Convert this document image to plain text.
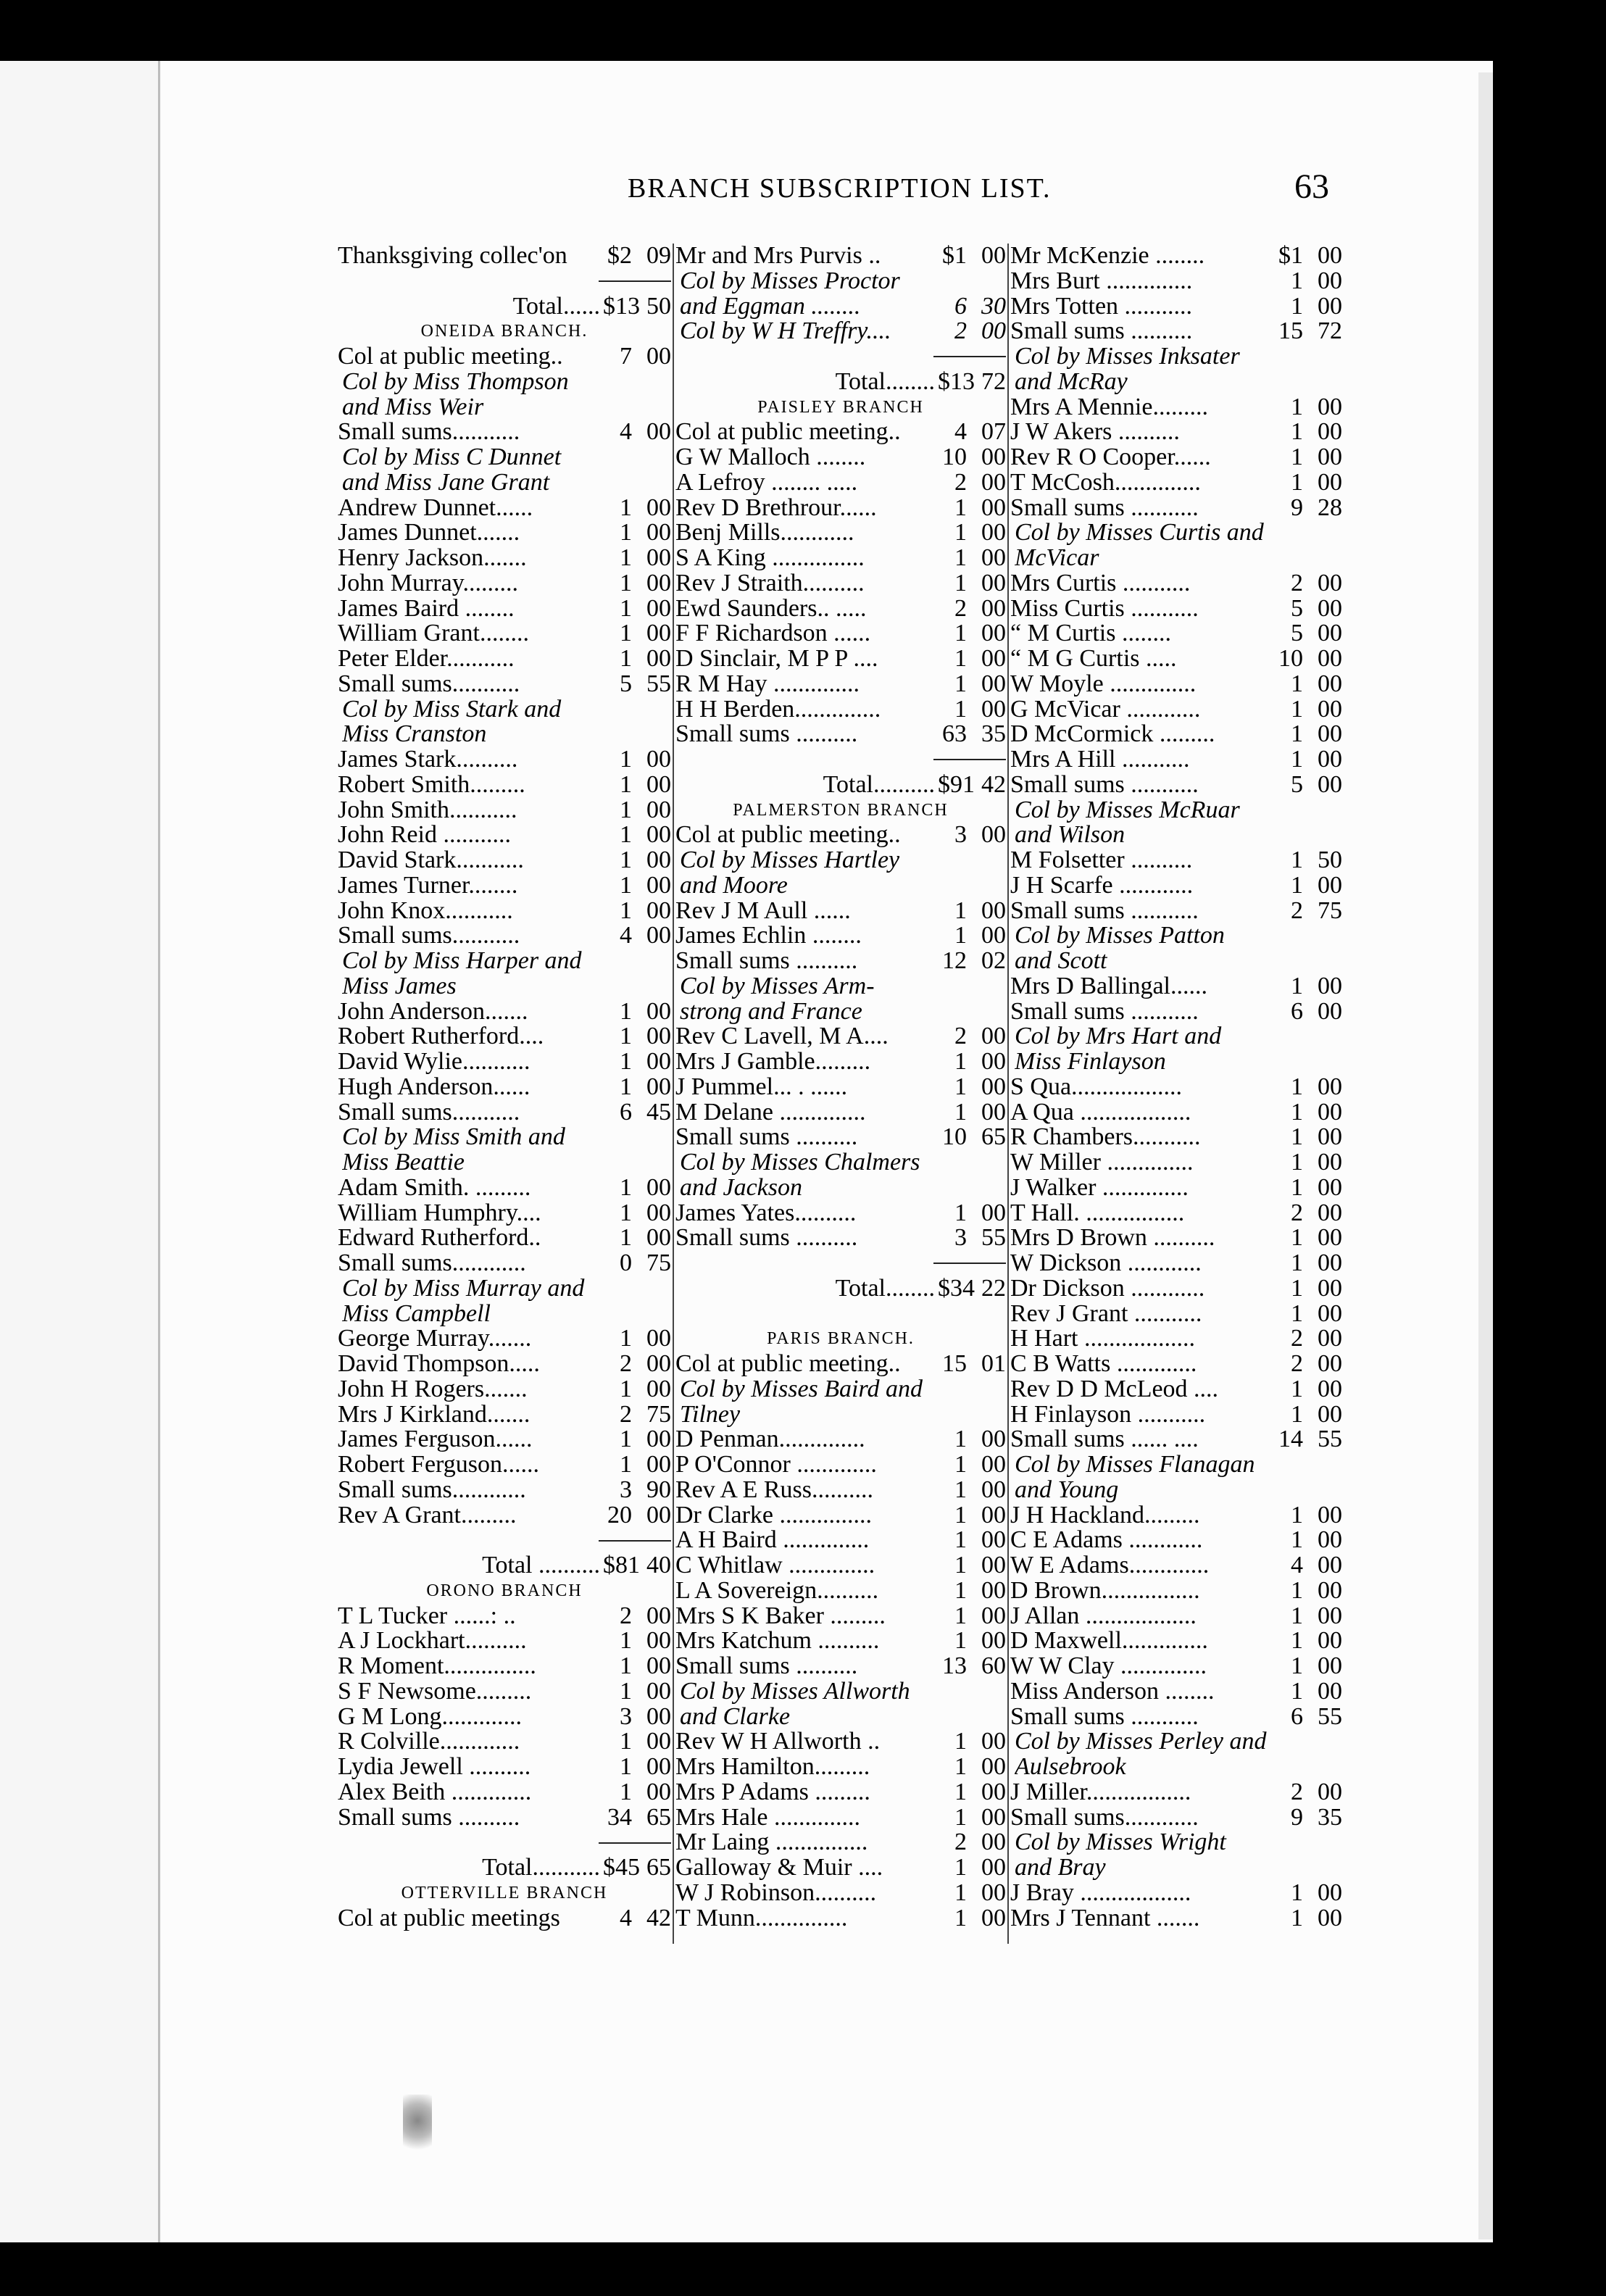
BRANCH SUBSCRIPTION LIST.	63
Thanksgiving collec'on	$2 09
Total...... $13 50
ONEIDA BRANCH.
Col at public meeting..	7 00
Col by Miss Thompson
and Miss Weir
Small sums...........	4 00
Col by Miss C Dunnet
and Miss Jane Grant
Andrew Dunnet......	1 00
James Dunnet.......	1 00
Henry Jackson.......	1 00
John Murray.........	1 00
James Baird ........	1 00
William Grant........	1 00
Peter Elder...........	1 00
Small sums...........	5 55
Col by Miss Stark and
Miss Cranston
James Stark..........	1 00
Robert Smith.........	1 00
John Smith...........	1 00
John Reid ...........	1 00
David Stark...........	1 00
James Turner........	1 00
John Knox...........	1 00
Small sums...........	4 00
Col by Miss Harper and
Miss James
John Anderson.......	1 00
Robert Rutherford....	1 00
David Wylie...........	1 00
Hugh Anderson......	1 00
Small sums...........	6 45
Col by Miss Smith and
Miss Beattie
Adam Smith. .........	1 00
William Humphry....	1 00
Edward Rutherford..	1 00
Small sums............	0 75
Col by Miss Murray and
Miss Campbell
George Murray.......	1 00
David Thompson.....	2 00
John H Rogers.......	1 00
Mrs J Kirkland.......	2 75
James Ferguson......	1 00
Robert Ferguson......	1 00
Small sums............	3 90
Rev A Grant.........	20 00
Total .......... $81 40
ORONO BRANCH
T L Tucker ......: ..	2 00
A J Lockhart..........	1 00
R Moment...............	1 00
S F Newsome.........	1 00
G M Long.............	3 00
R Colville.............	1 00
Lydia Jewell ..........	1 00
Alex Beith .............	1 00
Small sums ..........	34 65
Total........... $45 65
OTTERVILLE BRANCH
Col at public meetings	4 42
Mr and Mrs Purvis ..	$1 00
Col by Misses Proctor
and Eggman ........	6 30
Col by W H Treffry....	2 00
Total........ $13 72
PAISLEY BRANCH
Col at public meeting..	4 07
G W Malloch ........	10 00
A Lefroy ........ .....	2 00
Rev D Brethrour......	1 00
Benj Mills............	1 00
S A King ...............	1 00
Rev J Straith..........	1 00
Ewd Saunders.. .....	2 00
F F Richardson ......	1 00
D Sinclair, M P P ....	1 00
R M Hay ..............	1 00
H H Berden..............	1 00
Small sums ..........	63 35
Total.......... $91 42
PALMERSTON BRANCH
Col at public meeting..	3 00
Col by Misses Hartley
and Moore
Rev J M Aull ......	1 00
James Echlin ........	1 00
Small sums ..........	12 02
Col by Misses Arm-
strong and France
Rev C Lavell, M A....	2 00
Mrs J Gamble.........	1 00
J Pummel... . ......	1 00
M Delane ..............	1 00
Small sums ..........	10 65
Col by Misses Chalmers
and Jackson
James Yates..........	1 00
Small sums ..........	3 55
Total........ $34 22
PARIS BRANCH.
Col at public meeting..	15 01
Col by Misses Baird and
Tilney
D Penman..............	1 00
P O'Connor .............	1 00
Rev A E Russ..........	1 00
Dr Clarke ...............	1 00
A H Baird ..............	1 00
C Whitlaw ..............	1 00
L A Sovereign..........	1 00
Mrs S K Baker .........	1 00
Mrs Katchum ..........	1 00
Small sums ..........	13 60
Col by Misses Allworth
and Clarke
Rev W H Allworth ..	1 00
Mrs Hamilton.........	1 00
Mrs P Adams .........	1 00
Mrs Hale ..............	1 00
Mr Laing ...............	2 00
Galloway & Muir ....	1 00
W J Robinson..........	1 00
T Munn...............	1 00
Mr McKenzie ........	$1 00
Mrs Burt ..............	1 00
Mrs Totten ...........	1 00
Small sums ..........	15 72
Col by Misses Inksater
and McRay
Mrs A Mennie.........	1 00
J W Akers ..........	1 00
Rev R O Cooper......	1 00
T McCosh..............	1 00
Small sums ...........	9 28
Col by Misses Curtis and
McVicar
Mrs Curtis ...........	2 00
Miss Curtis ...........	5 00
“ M Curtis ........	5 00
“ M G Curtis .....	10 00
W Moyle ..............	1 00
G McVicar ............	1 00
D McCormick .........	1 00
Mrs A Hill ...........	1 00
Small sums ...........	5 00
Col by Misses McRuar
and Wilson
M Folsetter ..........	1 50
J H Scarfe ............	1 00
Small sums ...........	2 75
Col by Misses Patton
and Scott
Mrs D Ballingal......	1 00
Small sums ...........	6 00
Col by Mrs Hart and
Miss Finlayson
S Qua..................	1 00
A Qua ..................	1 00
R Chambers...........	1 00
W Miller ..............	1 00
J Walker ..............	1 00
T Hall. ................	2 00
Mrs D Brown ..........	1 00
W Dickson ............	1 00
Dr Dickson ............	1 00
Rev J Grant ...........	1 00
H Hart ..................	2 00
C B Watts .............	2 00
Rev D D McLeod ....	1 00
H Finlayson ...........	1 00
Small sums ...... ....	14 55
Col by Misses Flanagan
and Young
J H Hackland.........	1 00
C E Adams ............	1 00
W E Adams.............	4 00
D Brown................	1 00
J Allan ..................	1 00
D Maxwell..............	1 00
W W Clay ..............	1 00
Miss Anderson ........	1 00
Small sums ...........	6 55
Col by Misses Perley and
Aulsebrook
J Miller.................	2 00
Small sums............	9 35
Col by Misses Wright
and Bray
J Bray ..................	1 00
Mrs J Tennant .......	1 00
